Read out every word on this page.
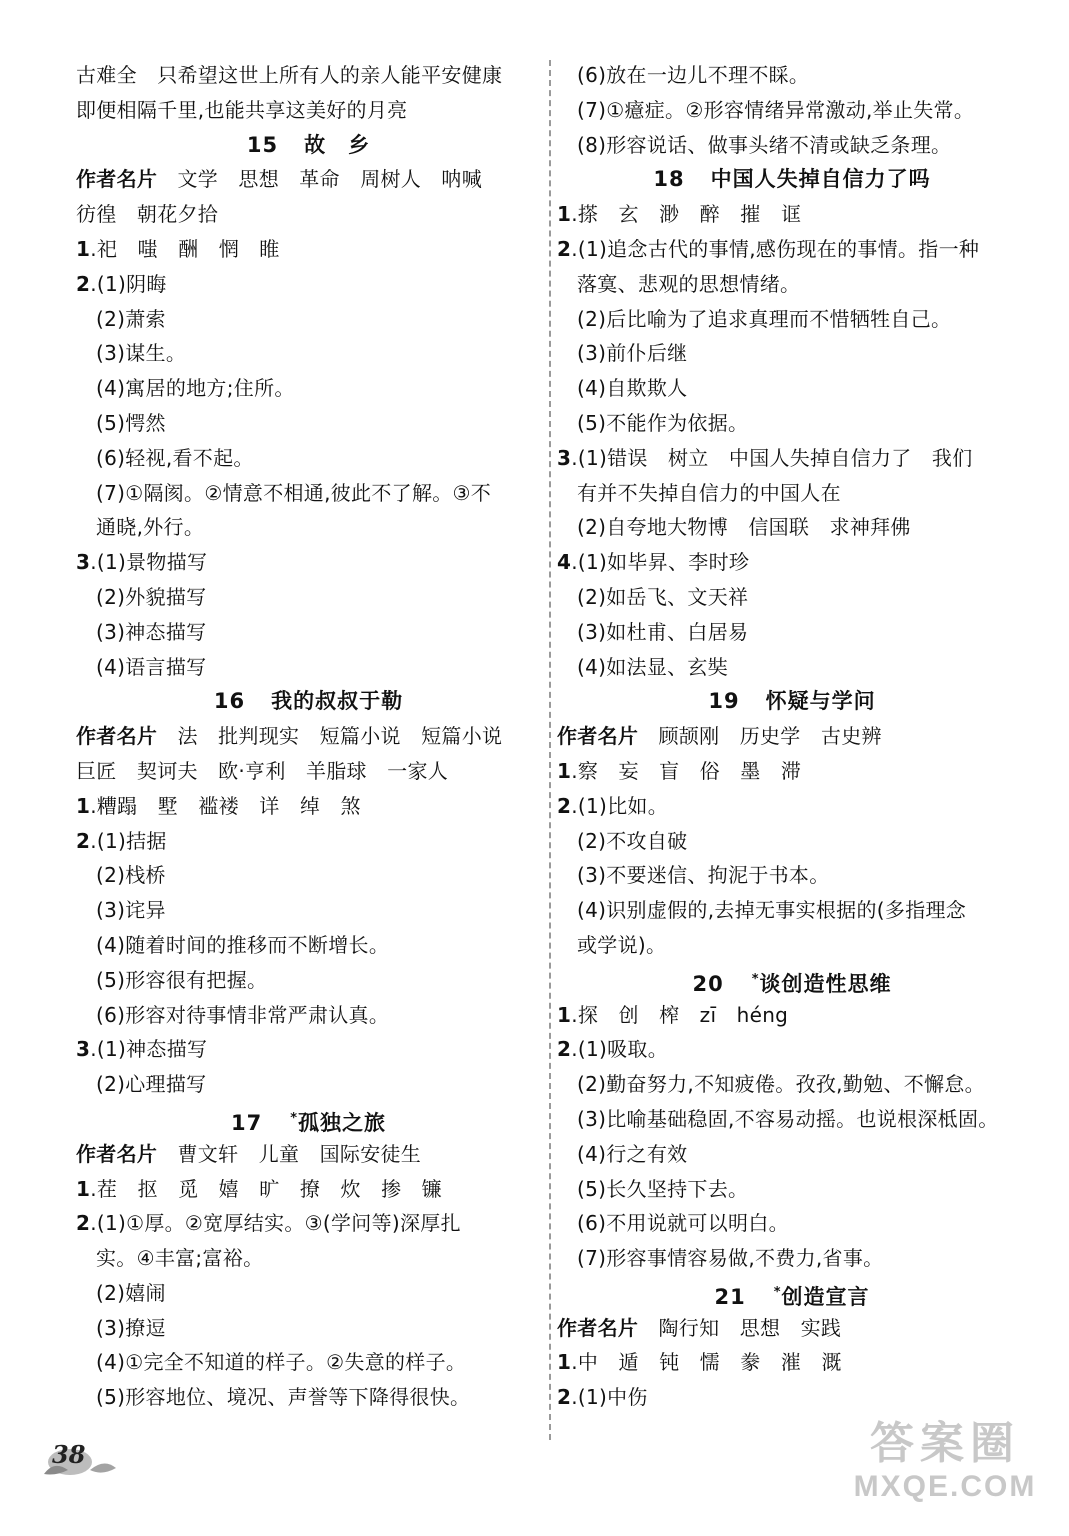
古难全　只希望这世上所有人的亲人能平安健康
即便相隔千里,也能共享这美好的月亮
15 故　乡
作者名片　文学　思想　革命　周树人　呐喊
彷徨　朝花夕拾
1.祀　嗤　酬　惘　睢
2.(1)阴晦
(2)萧索
(3)谋生。
(4)寓居的地方;住所。
(5)愕然
(6)轻视,看不起。
(7)①隔阂。②情意不相通,彼此不了解。③不
通晓,外行。
3.(1)景物描写
(2)外貌描写
(3)神态描写
(4)语言描写
16 我的叔叔于勒
作者名片　法　批判现实　短篇小说　短篇小说
巨匠　契诃夫　欧·亨利　羊脂球　一家人
1.糟蹋　墅　褴褛　详　绰　煞
2.(1)拮据
(2)栈桥
(3)诧异
(4)随着时间的推移而不断增长。
(5)形容很有把握。
(6)形容对待事情非常严肃认真。
3.(1)神态描写
(2)心理描写
17 *孤独之旅
作者名片　曹文轩　儿童　国际安徒生
1.茬　抠　觅　嬉　旷　撩　炊　掺　镰
2.(1)①厚。②宽厚结实。③(学问等)深厚扎
实。④丰富;富裕。
(2)嬉闹
(3)撩逗
(4)①完全不知道的样子。②失意的样子。
(5)形容地位、境况、声誉等下降得很快。
(6)放在一边儿不理不睬。
(7)①癔症。②形容情绪异常激动,举止失常。
(8)形容说话、做事头绪不清或缺乏条理。
18 中国人失掉自信力了吗
1.搽　玄　渺　醉　摧　诓
2.(1)追念古代的事情,感伤现在的事情。指一种
落寞、悲观的思想情绪。
(2)后比喻为了追求真理而不惜牺牲自己。
(3)前仆后继
(4)自欺欺人
(5)不能作为依据。
3.(1)错误　树立　中国人失掉自信力了　我们
有并不失掉自信力的中国人在
(2)自夸地大物博　信国联　求神拜佛
4.(1)如毕昇、李时珍
(2)如岳飞、文天祥
(3)如杜甫、白居易
(4)如法显、玄奘
19 怀疑与学问
作者名片　顾颉刚　历史学　古史辨
1.察　妄　盲　俗　墨　滞
2.(1)比如。
(2)不攻自破
(3)不要迷信、拘泥于书本。
(4)识别虚假的,去掉无事实根据的(多指理念
或学说)。
20 *谈创造性思维
1.探　创　榨　zī　héng
2.(1)吸取。
(2)勤奋努力,不知疲倦。孜孜,勤勉、不懈怠。
(3)比喻基础稳固,不容易动摇。也说根深柢固。
(4)行之有效
(5)长久坚持下去。
(6)不用说就可以明白。
(7)形容事情容易做,不费力,省事。
21 *创造宣言
作者名片　陶行知　思想　实践
1.中　遁　钝　懦　豢　漼　溉
2.(1)中伤
38	答案圈
MXQE.COM
